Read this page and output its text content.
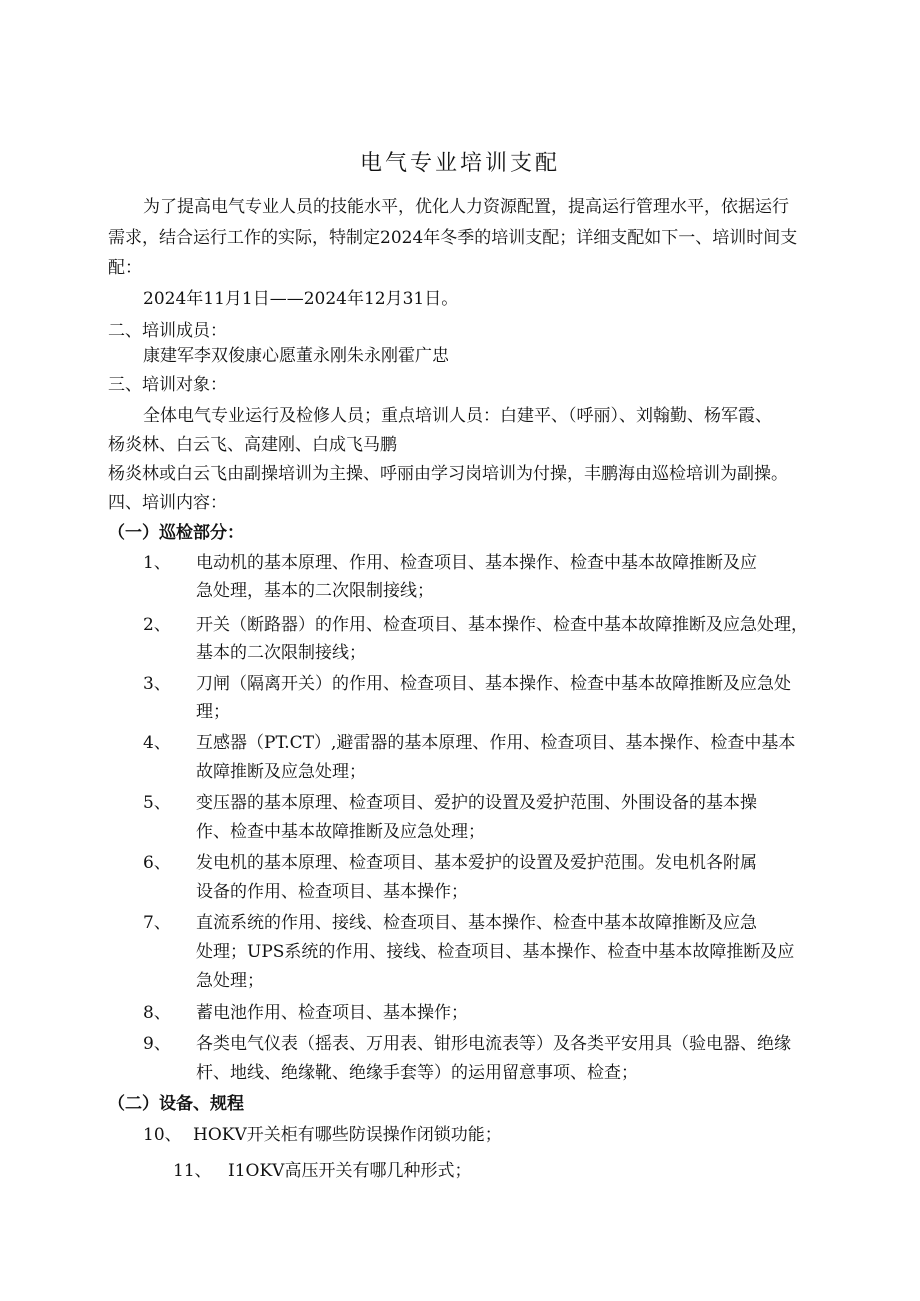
电气专业培训支配
为了提高电气专业人员的技能水平，优化人力资源配置，提高运行管理水平，依据运行
需求，结合运行工作的实际，特制定2024年冬季的培训支配；详细支配如下一、培训时间支
配：
2024年11月1日——2024年12月31日。
二、培训成员：
康建军李双俊康心愿董永刚朱永刚霍广忠
三、培训对象：
全体电气专业运行及检修人员；重点培训人员：白建平、（呼丽）、刘翰勤、杨军霞、
杨炎林、白云飞、高建刚、白成飞马鹏
杨炎林或白云飞由副操培训为主操、呼丽由学习岗培训为付操，丰鹏海由巡检培训为副操。
四、培训内容：
（一）巡检部分：
1、	电动机的基本原理、作用、检查项目、基本操作、检查中基本故障推断及应
急处理，基本的二次限制接线；
2、	开关（断路器）的作用、检查项目、基本操作、检查中基本故障推断及应急处理，
基本的二次限制接线；
3、	刀闸（隔离开关）的作用、检查项目、基本操作、检查中基本故障推断及应急处
理；
4、	互感器（PT.CT）,避雷器的基本原理、作用、检查项目、基本操作、检查中基本
故障推断及应急处理；
5、	变压器的基本原理、检查项目、爱护的设置及爱护范围、外围设备的基本操
作、检查中基本故障推断及应急处理；
6、	发电机的基本原理、检查项目、基本爱护的设置及爱护范围。发电机各附属
设备的作用、检查项目、基本操作；
7、	直流系统的作用、接线、检查项目、基本操作、检查中基本故障推断及应急
处理；UPS系统的作用、接线、检查项目、基本操作、检查中基本故障推断及应
急处理；
8、	蓄电池作用、检查项目、基本操作；
9、	各类电气仪表（摇表、万用表、钳形电流表等）及各类平安用具（验电器、绝缘
杆、地线、绝缘靴、绝缘手套等）的运用留意事项、检查；
（二）设备、规程
10、 HOKV开关柜有哪些防误操作闭锁功能；
11、 I1OKV高压开关有哪几种形式；
